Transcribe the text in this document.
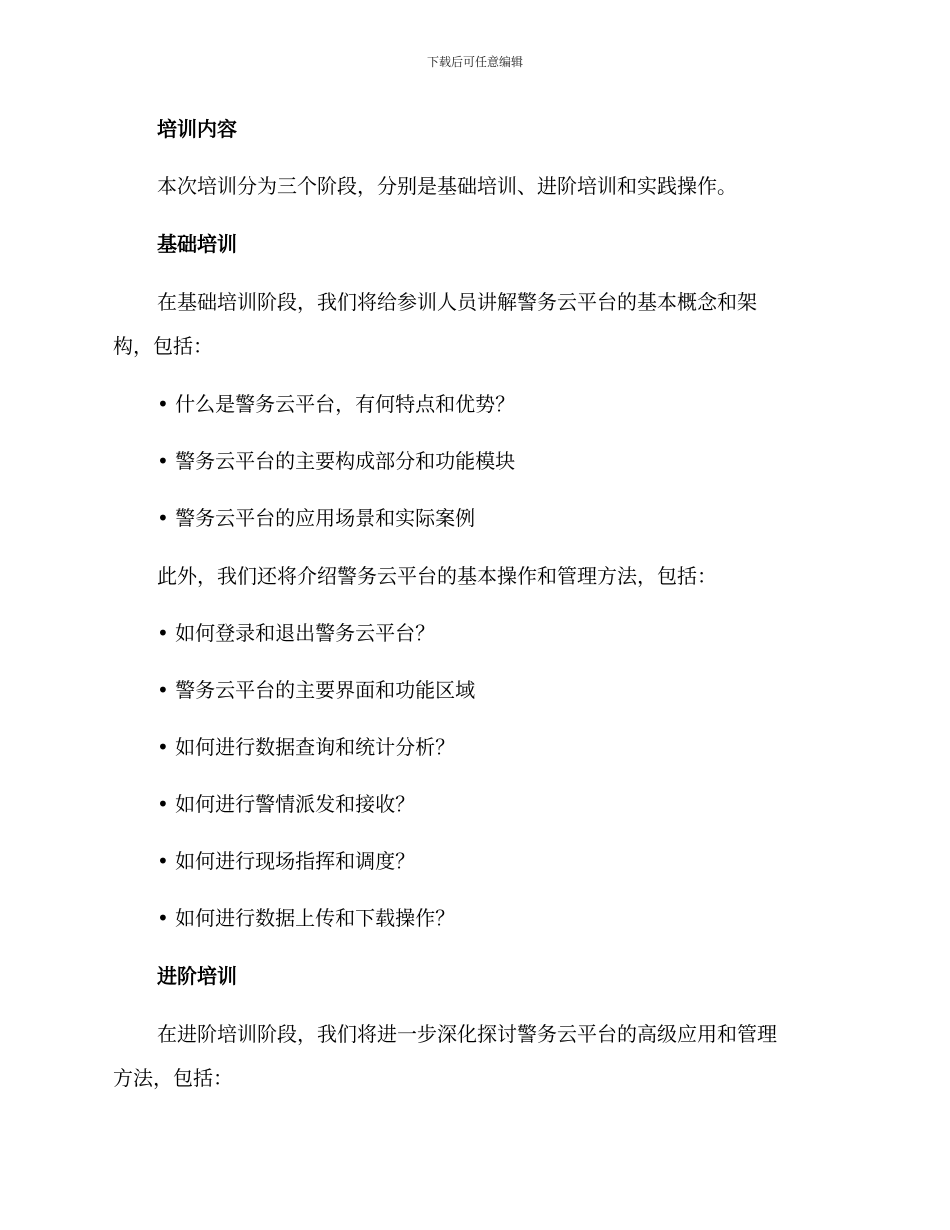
下载后可任意编辑
培训内容
本次培训分为三个阶段，分别是基础培训、进阶培训和实践操作。
基础培训
在基础培训阶段，我们将给参训人员讲解警务云平台的基本概念和架
构，包括：
• 什么是警务云平台，有何特点和优势？
• 警务云平台的主要构成部分和功能模块
• 警务云平台的应用场景和实际案例
此外，我们还将介绍警务云平台的基本操作和管理方法，包括：
• 如何登录和退出警务云平台？
• 警务云平台的主要界面和功能区域
• 如何进行数据查询和统计分析？
• 如何进行警情派发和接收？
• 如何进行现场指挥和调度？
• 如何进行数据上传和下载操作？
进阶培训
在进阶培训阶段，我们将进一步深化探讨警务云平台的高级应用和管理
方法，包括：
